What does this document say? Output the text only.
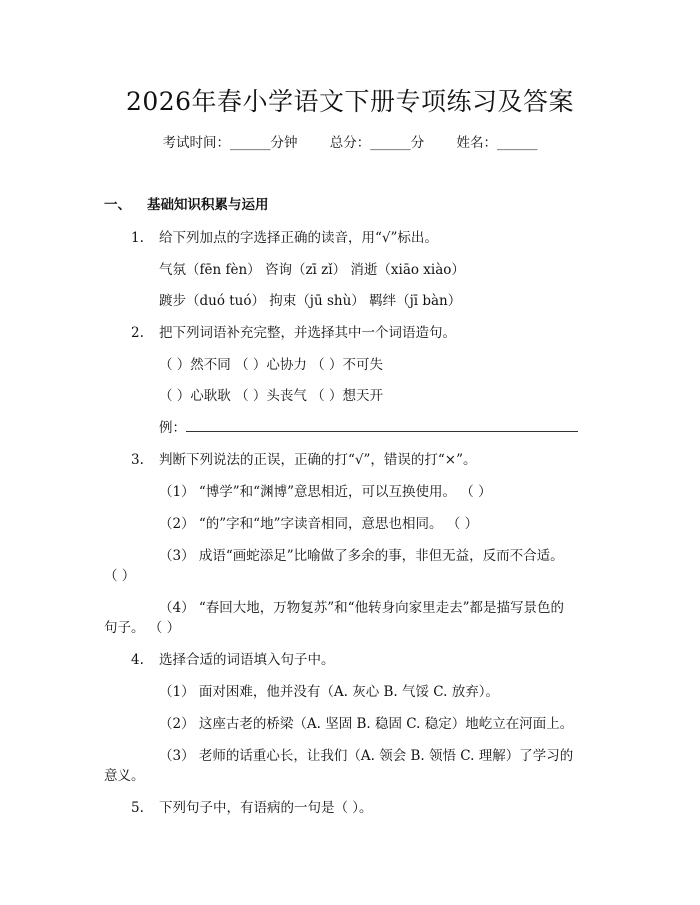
2026年春小学语文下册专项练习及答案
考试时间：______分钟 总分：______分 姓名：______
一、 基础知识积累与运用
1. 给下列加点的字选择正确的读音，用“√”标出。
气氛（fēn fèn） 咨询（zī zǐ） 消逝（xiāo xiào）
踱步（duó tuó） 拘束（jū shù） 羁绊（jī bàn）
2. 把下列词语补充完整，并选择其中一个词语造句。
（ ）然不同 （ ）心协力 （ ）不可失
（ ）心耿耿 （ ）头丧气 （ ）想天开
例：
3. 判断下列说法的正误，正确的打“√”，错误的打“×”。
（1） “博学”和“渊博”意思相近，可以互换使用。 （ ）
（2） “的”字和“地”字读音相同，意思也相同。 （ ）
（3） 成语“画蛇添足”比喻做了多余的事，非但无益，反而不合适。
（ ）
（4） “春回大地，万物复苏”和“他转身向家里走去”都是描写景色的
句子。 （ ）
4. 选择合适的词语填入句子中。
（1） 面对困难，他并没有（A. 灰心 B. 气馁 C. 放弃）。
（2） 这座古老的桥梁（A. 坚固 B. 稳固 C. 稳定）地屹立在河面上。
（3） 老师的话重心长，让我们（A. 领会 B. 领悟 C. 理解）了学习的
意义。
5. 下列句子中，有语病的一句是（ ）。
